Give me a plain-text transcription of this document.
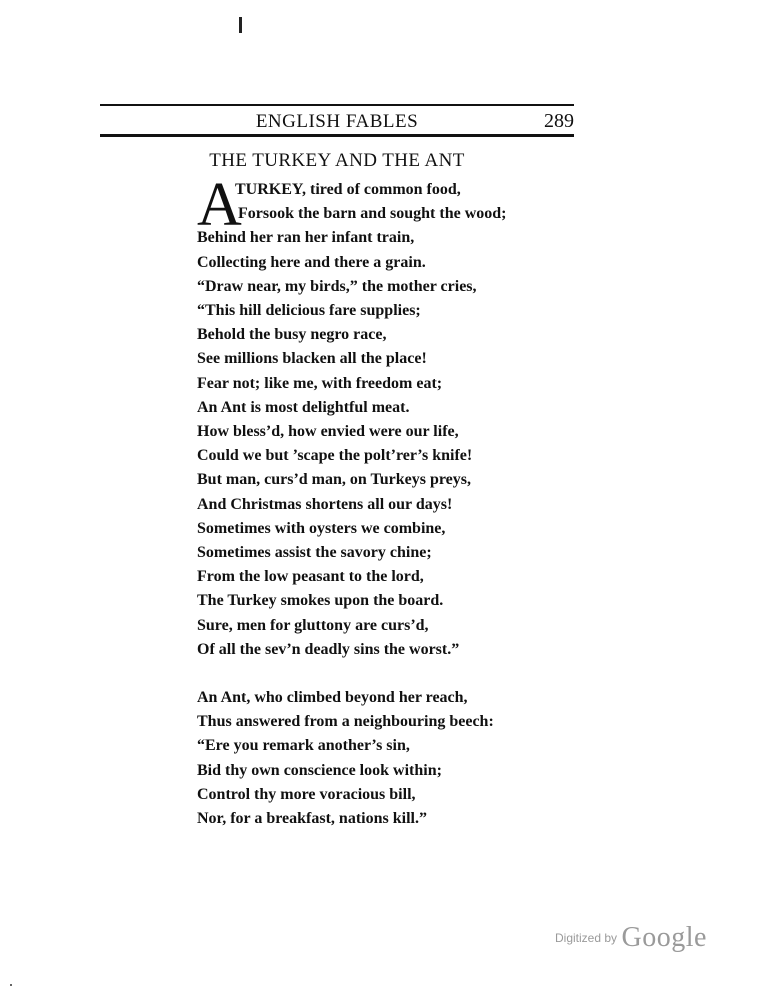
ENGLISH FABLES	289
THE TURKEY AND THE ANT
A
TURKEY, tired of common food,
Forsook the barn and sought the wood;
Behind her ran her infant train,
Collecting here and there a grain.
“Draw near, my birds,” the mother cries,
“This hill delicious fare supplies;
Behold the busy negro race,
See millions blacken all the place!
Fear not; like me, with freedom eat;
An Ant is most delightful meat.
How bless’d, how envied were our life,
Could we but ’scape the polt’rer’s knife!
But man, curs’d man, on Turkeys preys,
And Christmas shortens all our days!
Sometimes with oysters we combine,
Sometimes assist the savory chine;
From the low peasant to the lord,
The Turkey smokes upon the board.
Sure, men for gluttony are curs’d,
Of all the sev’n deadly sins the worst.”
An Ant, who climbed beyond her reach,
Thus answered from a neighbouring beech:
“Ere you remark another’s sin,
Bid thy own conscience look within;
Control thy more voracious bill,
Nor, for a breakfast, nations kill.”
Digitized by Google
